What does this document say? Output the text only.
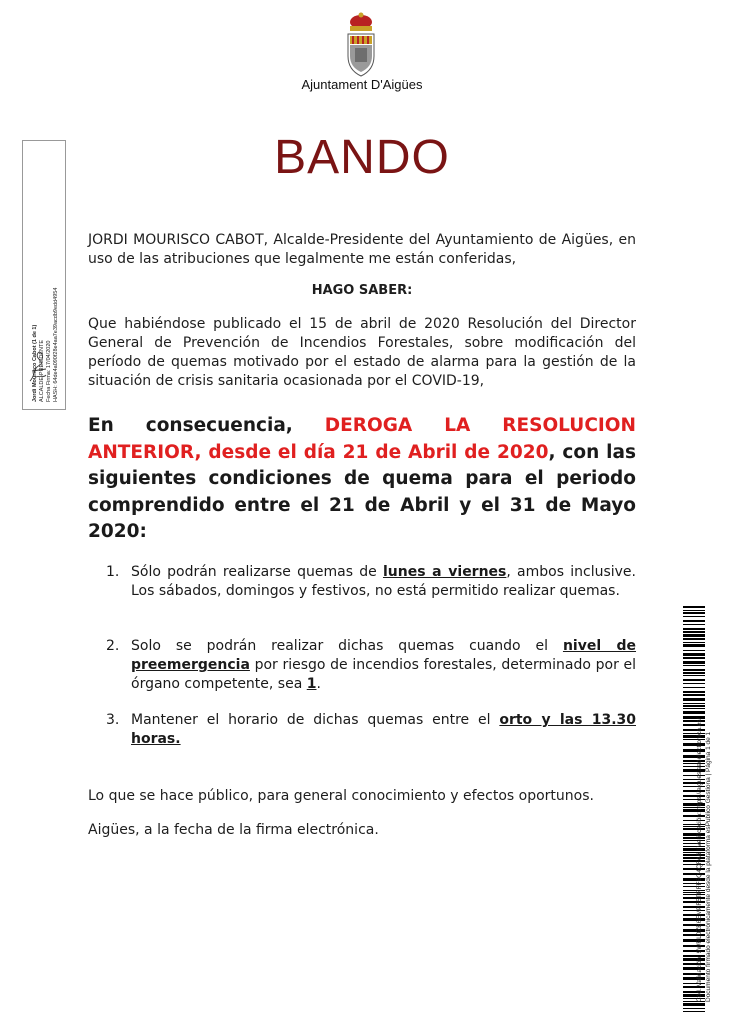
Ajuntament D'Aigües
BANDO
Jordi Mourisco Cabot (1 de 1) ALCALDE-PRESIDENTE Fecha Firma: 17/04/2020 HASH: 64de4a090f28e4aa7e39acdb9edd4954
JORDI MOURISCO CABOT, Alcalde-Presidente del Ayuntamiento de Aigües, en uso de las atribuciones que legalmente me están conferidas,
HAGO SABER:
Que habiéndose publicado el 15 de abril de 2020 Resolución del Director General de Prevención de Incendios Forestales, sobre modificación del período de quemas motivado por el estado de alarma para la gestión de la situación de crisis sanitaria ocasionada por el COVID-19,
En consecuencia, DEROGA LA RESOLUCION ANTERIOR, desde el día 21 de Abril de 2020, con las siguientes condiciones de quema para el periodo comprendido entre el 21 de Abril y el 31 de Mayo 2020:
1. Sólo podrán realizarse quemas de lunes a viernes, ambos inclusive. Los sábados, domingos y festivos, no está permitido realizar quemas.
2. Solo se podrán realizar dichas quemas cuando el nivel de preemergencia por riesgo de incendios forestales, determinado por el órgano competente, sea 1.
3. Mantener el horario de dichas quemas entre el orto y las 13.30 horas.
Lo que se hace público, para general conocimiento y efectos oportunos.
Aigües, a la fecha de la firma electrónica.	Cód. Validación: 9WRL0ZE6EMPF5TRFF6Q4QFA6 | Verificación: https://aigues.sedelectronica.es/ Documento firmado electrónicamente desde la plataforma esPublico Gestiona | Página 1 de 1
